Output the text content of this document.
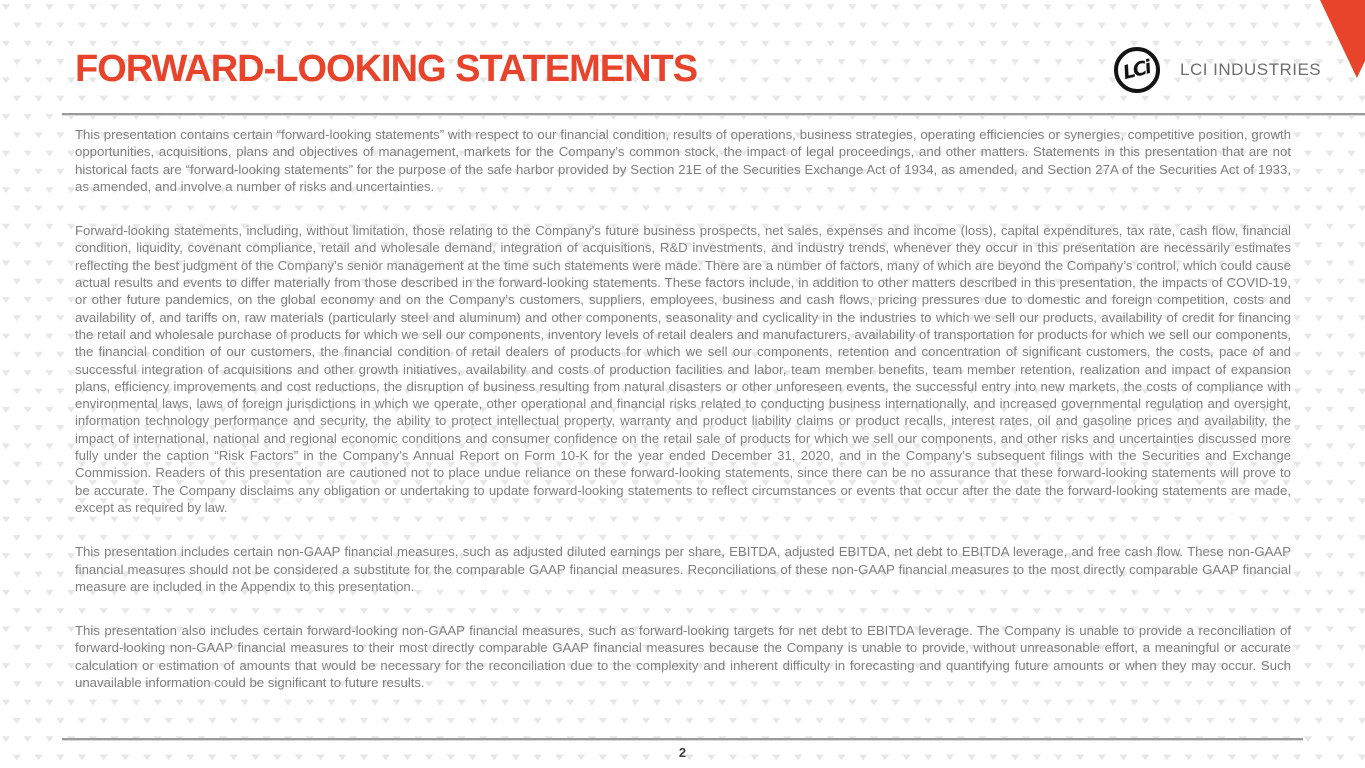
FORWARD-LOOKING STATEMENTS	LCi LCI INDUSTRIES

This presentation contains certain “forward-looking statements” with respect to our financial condition, results of operations, business strategies, operating efficiencies or synergies, competitive position, growth opportunities, acquisitions, plans and objectives of management, markets for the Company’s common stock, the impact of legal proceedings, and other matters. Statements in this presentation that are not historical facts are “forward-looking statements” for the purpose of the safe harbor provided by Section 21E of the Securities Exchange Act of 1934, as amended, and Section 27A of the Securities Act of 1933, as amended, and involve a number of risks and uncertainties.

Forward-looking statements, including, without limitation, those relating to the Company’s future business prospects, net sales, expenses and income (loss), capital expenditures, tax rate, cash flow, financial condition, liquidity, covenant compliance, retail and wholesale demand, integration of acquisitions, R&D investments, and industry trends, whenever they occur in this presentation are necessarily estimates reflecting the best judgment of the Company’s senior management at the time such statements were made. There are a number of factors, many of which are beyond the Company’s control, which could cause actual results and events to differ materially from those described in the forward-looking statements. These factors include, in addition to other matters described in this presentation, the impacts of COVID-19, or other future pandemics, on the global economy and on the Company’s customers, suppliers, employees, business and cash flows, pricing pressures due to domestic and foreign competition, costs and availability of, and tariffs on, raw materials (particularly steel and aluminum) and other components, seasonality and cyclicality in the industries to which we sell our products, availability of credit for financing the retail and wholesale purchase of products for which we sell our components, inventory levels of retail dealers and manufacturers, availability of transportation for products for which we sell our components, the financial condition of our customers, the financial condition of retail dealers of products for which we sell our components, retention and concentration of significant customers, the costs, pace of and successful integration of acquisitions and other growth initiatives, availability and costs of production facilities and labor, team member benefits, team member retention, realization and impact of expansion plans, efficiency improvements and cost reductions, the disruption of business resulting from natural disasters or other unforeseen events, the successful entry into new markets, the costs of compliance with environmental laws, laws of foreign jurisdictions in which we operate, other operational and financial risks related to conducting business internationally, and increased governmental regulation and oversight, information technology performance and security, the ability to protect intellectual property, warranty and product liability claims or product recalls, interest rates, oil and gasoline prices and availability, the impact of international, national and regional economic conditions and consumer confidence on the retail sale of products for which we sell our components, and other risks and uncertainties discussed more fully under the caption “Risk Factors” in the Company’s Annual Report on Form 10-K for the year ended December 31, 2020, and in the Company’s subsequent filings with the Securities and Exchange Commission. Readers of this presentation are cautioned not to place undue reliance on these forward-looking statements, since there can be no assurance that these forward-looking statements will prove to be accurate. The Company disclaims any obligation or undertaking to update forward-looking statements to reflect circumstances or events that occur after the date the forward-looking statements are made, except as required by law.

This presentation includes certain non-GAAP financial measures, such as adjusted diluted earnings per share, EBITDA, adjusted EBITDA, net debt to EBITDA leverage, and free cash flow. These non-GAAP financial measures should not be considered a substitute for the comparable GAAP financial measures. Reconciliations of these non-GAAP financial measures to the most directly comparable GAAP financial measure are included in the Appendix to this presentation.

This presentation also includes certain forward-looking non-GAAP financial measures, such as forward-looking targets for net debt to EBITDA leverage. The Company is unable to provide a reconciliation of forward-looking non-GAAP financial measures to their most directly comparable GAAP financial measures because the Company is unable to provide, without unreasonable effort, a meaningful or accurate calculation or estimation of amounts that would be necessary for the reconciliation due to the complexity and inherent difficulty in forecasting and quantifying future amounts or when they may occur. Such unavailable information could be significant to future results.

2
